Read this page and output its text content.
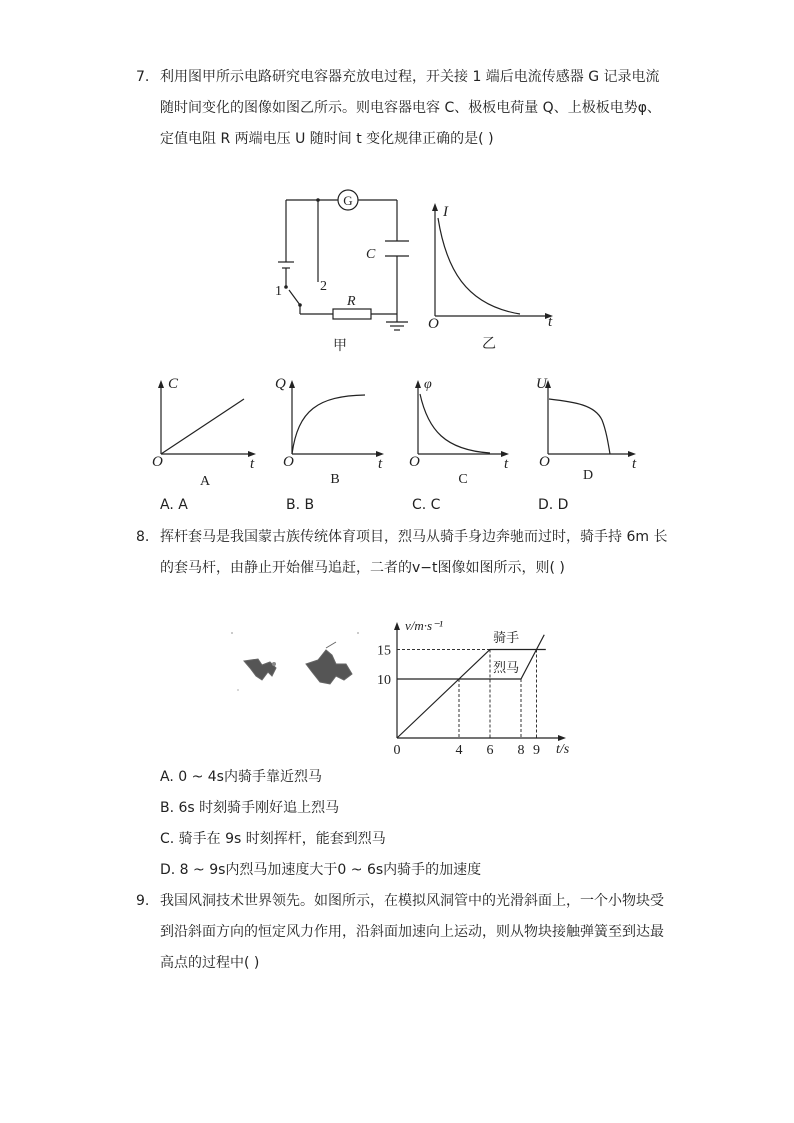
7. 利用图甲所示电路研究电容器充放电过程，开关接 1 端后电流传感器 G 记录电流
随时间变化的图像如图乙所示。则电容器电容 C、极板电荷量 Q、上极板电势φ、
定值电阻 R 两端电压 U 随时间 t 变化规律正确的是( )
G
C
R
1	2
甲
I
t
O
乙
C
t
O
A
Q
t
O
B
φ
t
O
C
U
t
O
D
A. A	B. B	C. C	D. D
8. 挥杆套马是我国蒙古族传统体育项目，烈马从骑手身边奔驰而过时，骑手持 6m 长
的套马杆，由静止开始催马追赶，二者的v−t图像如图所示，则( )
v/m·s⁻¹
t/s
0	4 6 8 9
10
15
骑手
烈马
A. 0 ~ 4s内骑手靠近烈马
B. 6s 时刻骑手刚好追上烈马
C. 骑手在 9s 时刻挥杆，能套到烈马
D. 8 ~ 9s内烈马加速度大于0 ~ 6s内骑手的加速度
9. 我国风洞技术世界领先。如图所示，在模拟风洞管中的光滑斜面上，一个小物块受
到沿斜面方向的恒定风力作用，沿斜面加速向上运动，则从物块接触弹簧至到达最
高点的过程中( )
